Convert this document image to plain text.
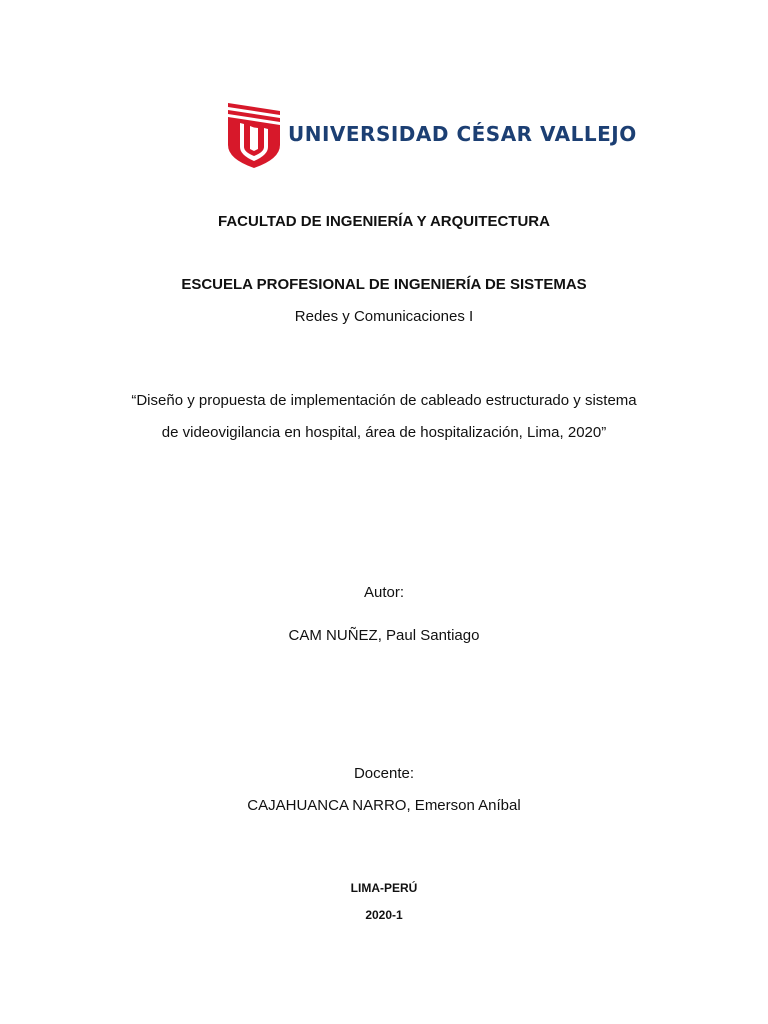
UNIVERSIDAD CÉSAR VALLEJO
FACULTAD DE INGENIERÍA Y ARQUITECTURA
ESCUELA PROFESIONAL DE INGENIERÍA DE SISTEMAS
Redes y Comunicaciones I
“Diseño y propuesta de implementación de cableado estructurado y sistema
de videovigilancia en hospital, área de hospitalización, Lima, 2020”
Autor:
CAM NUÑEZ, Paul Santiago
Docente:
CAJAHUANCA NARRO, Emerson Aníbal
LIMA-PERÚ
2020-1
